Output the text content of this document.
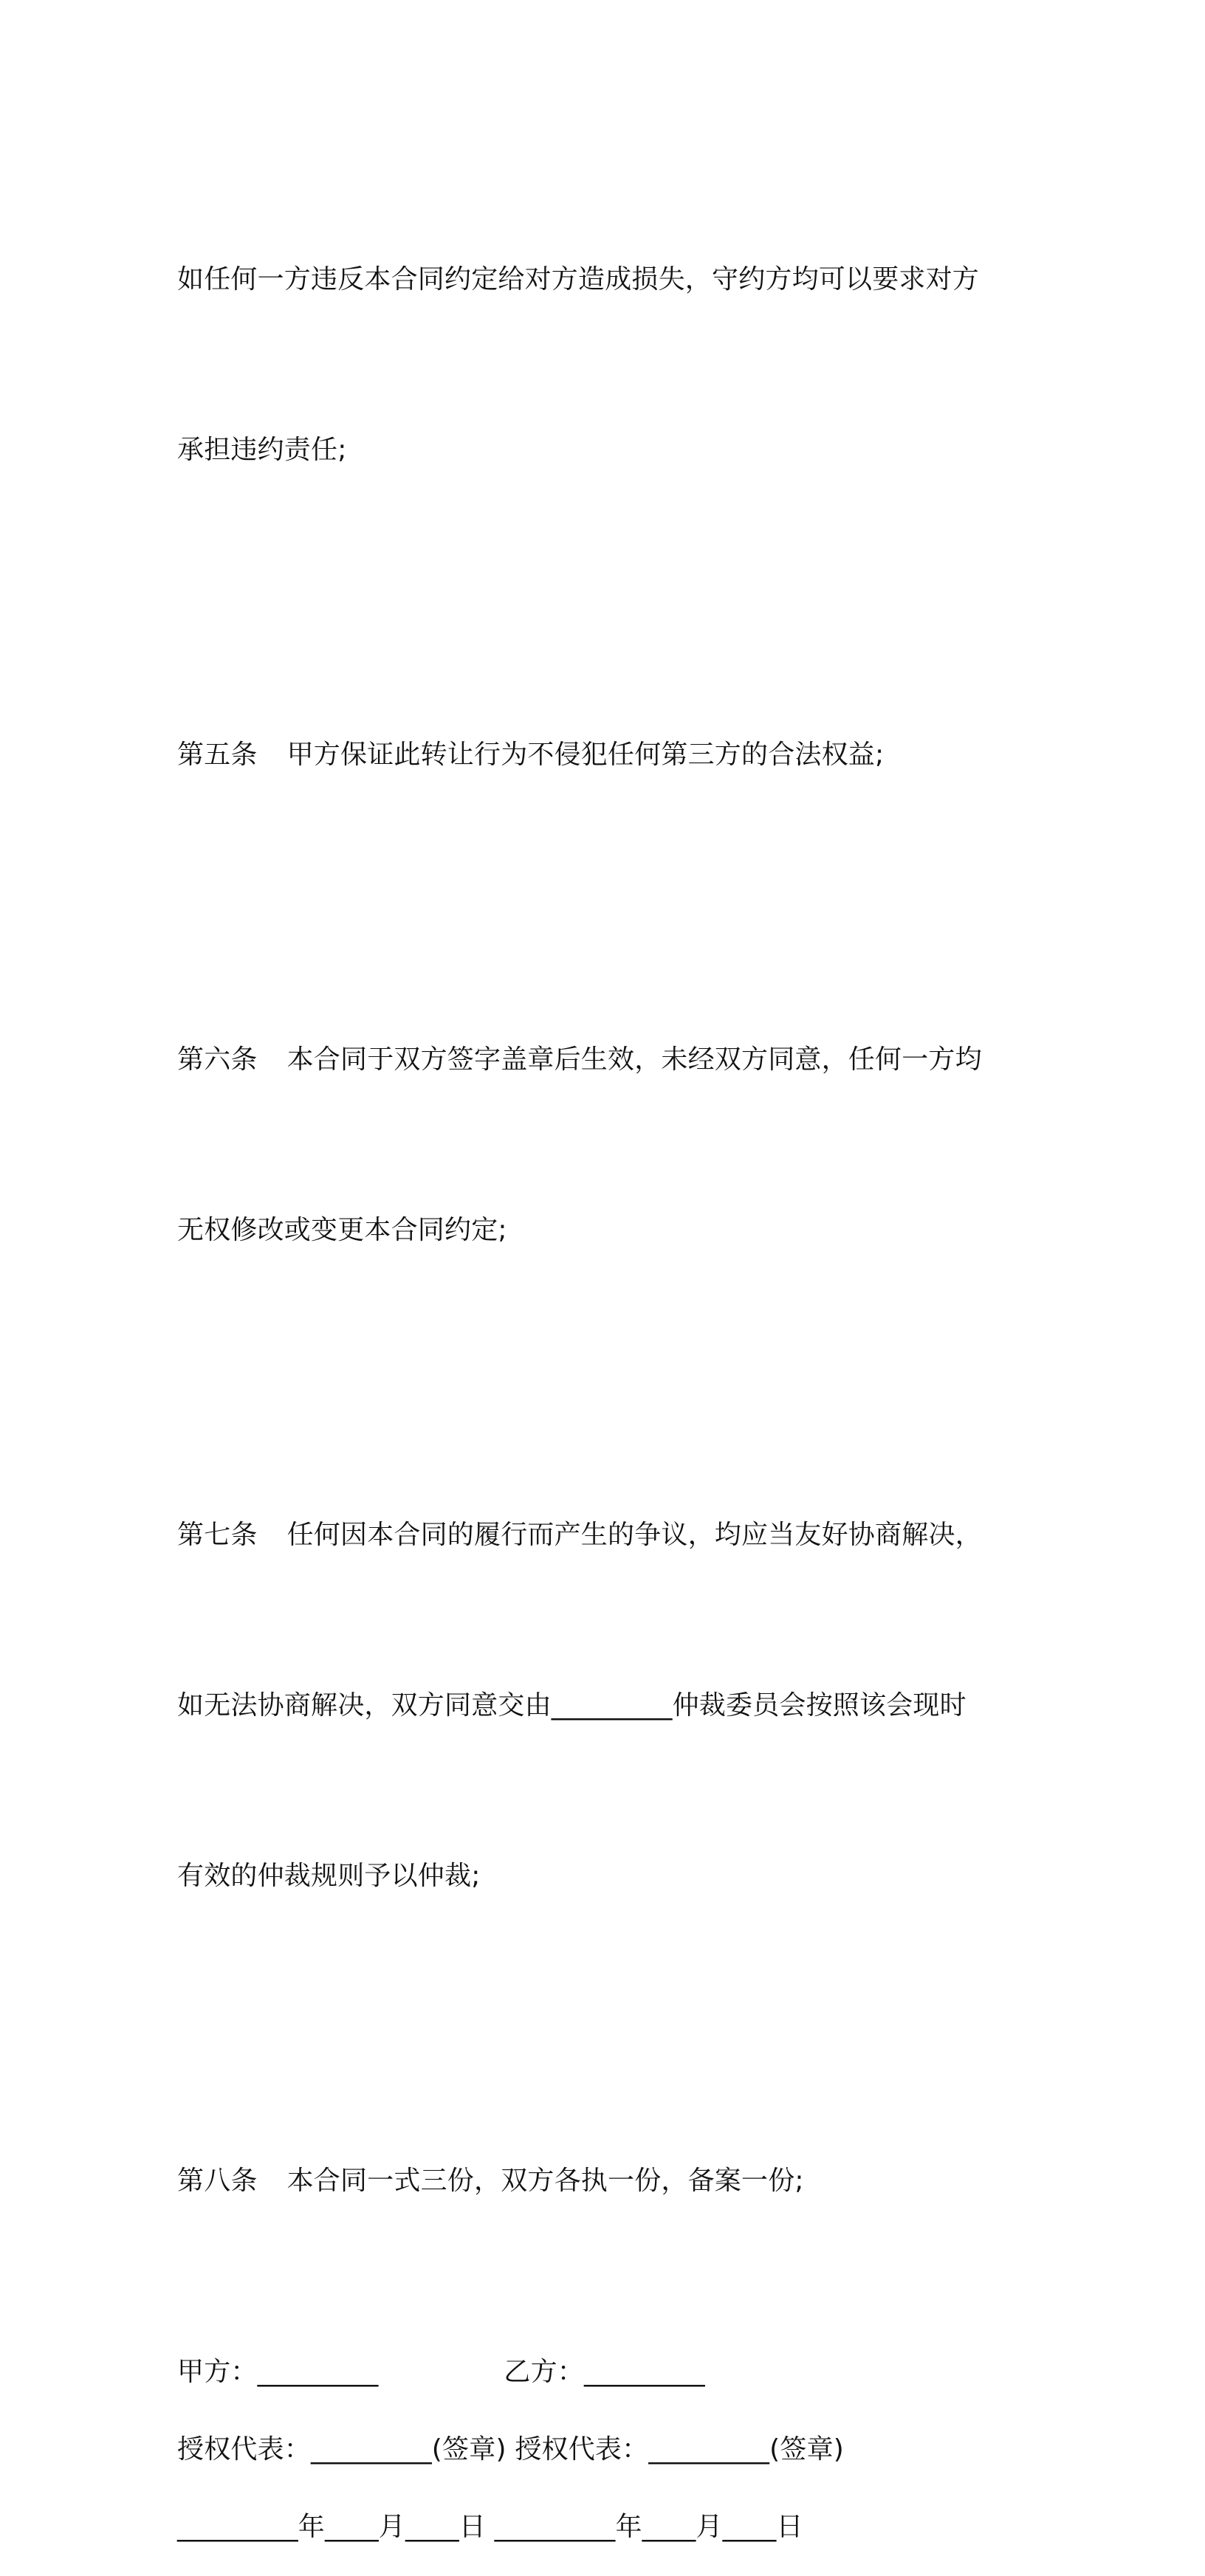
如任何一方违反本合同约定给对方造成损失，守约方均可以要求对方

承担违约责任;

第五条 甲方保证此转让行为不侵犯任何第三方的合法权益;

第六条 本合同于双方签字盖章后生效，未经双方同意，任何一方均

无权修改或变更本合同约定;

第七条 任何因本合同的履行而产生的争议，均应当友好协商解决，

如无法协商解决，双方同意交由_________仲裁委员会按照该会现时

有效的仲裁规则予以仲裁;

第八条 本合同一式三份，双方各执一份，备案一份;

甲方：_________	乙方：_________
授权代表：_________(签章) 授权代表：_________(签章)
_________年____月____日 _________年____月____日
